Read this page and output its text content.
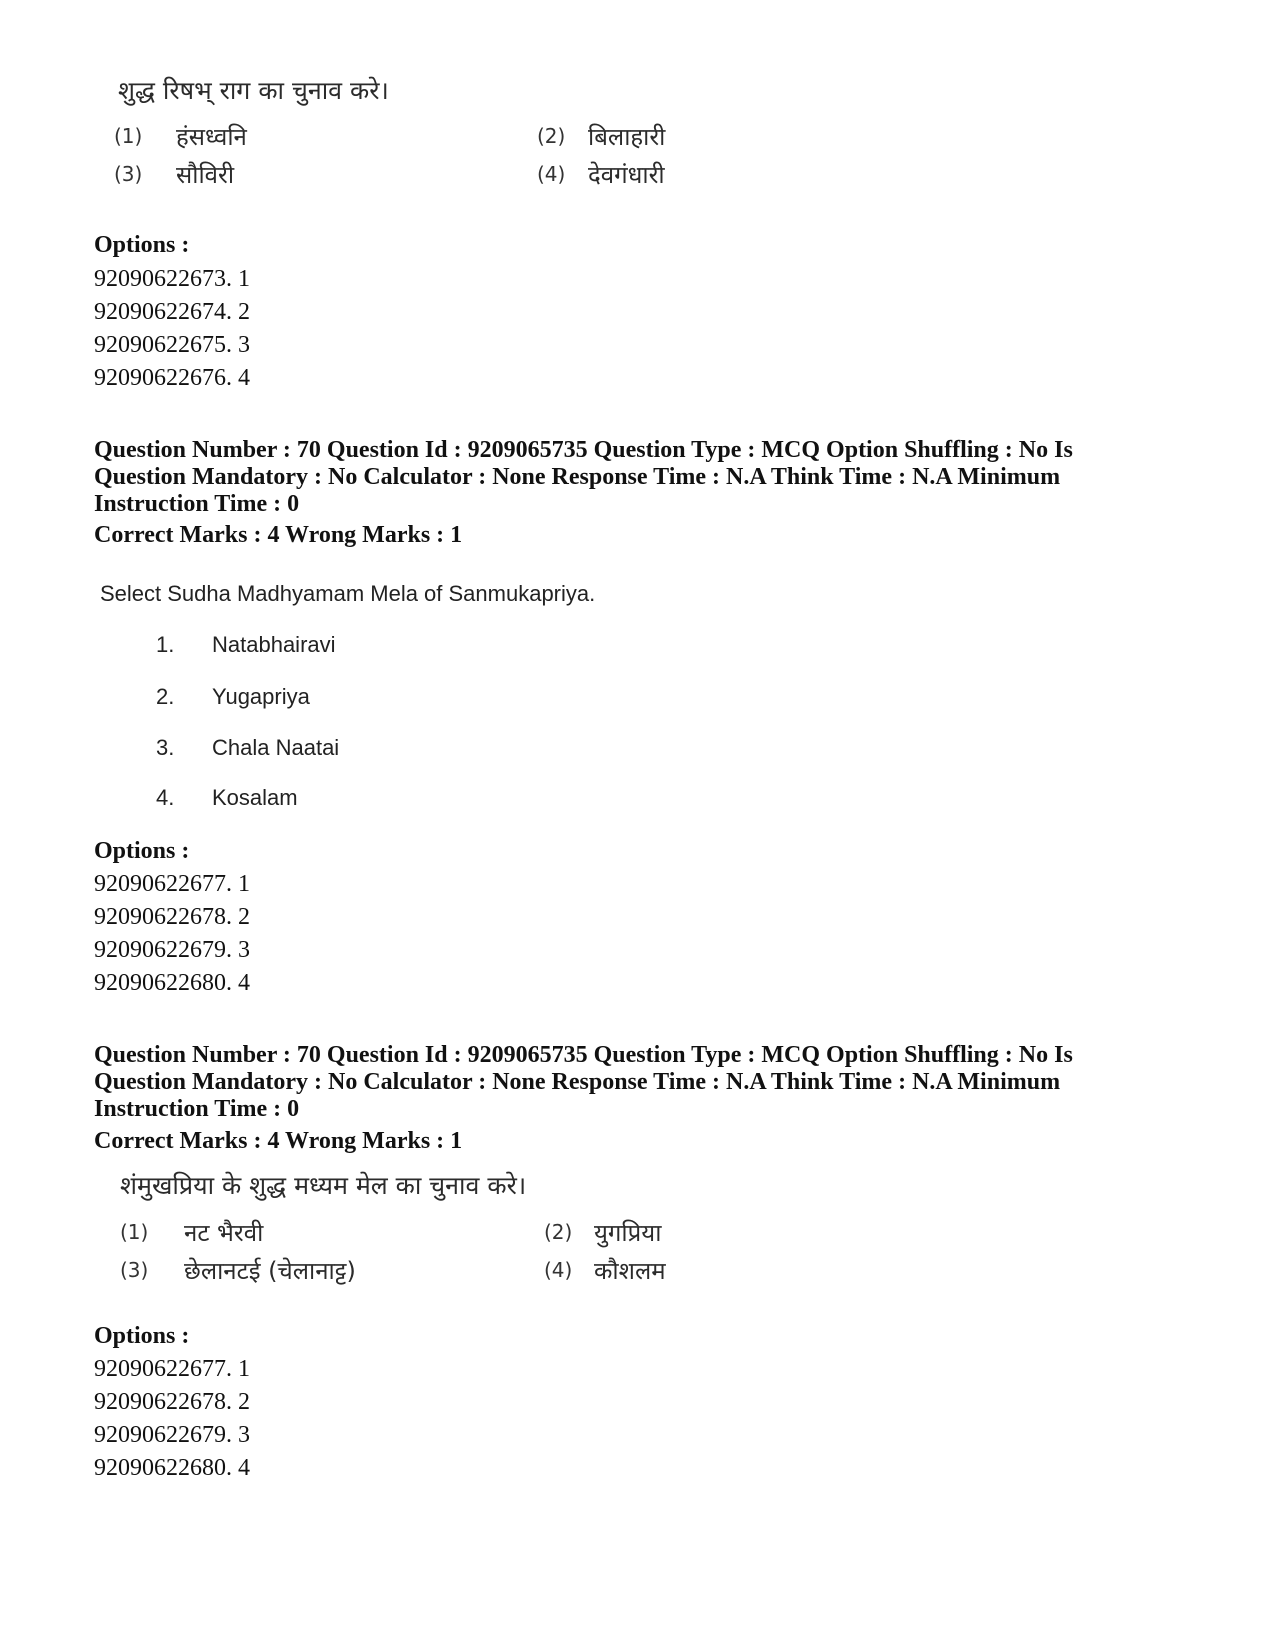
शुद्ध रिषभ् राग का चुनाव करे।
(1) हंसध्वनि	(2) बिलाहारी
(3) सौविरी	(4) देवगंधारी
Options :
92090622673. 1
92090622674. 2
92090622675. 3
92090622676. 4
Question Number : 70 Question Id : 9209065735 Question Type : MCQ Option Shuffling : No Is
Question Mandatory : No Calculator : None Response Time : N.A Think Time : N.A Minimum
Instruction Time : 0
Correct Marks : 4 Wrong Marks : 1
Select Sudha Madhyamam Mela of Sanmukapriya.
1. Natabhairavi
2. Yugapriya
3. Chala Naatai
4. Kosalam
Options :
92090622677. 1
92090622678. 2
92090622679. 3
92090622680. 4
Question Number : 70 Question Id : 9209065735 Question Type : MCQ Option Shuffling : No Is
Question Mandatory : No Calculator : None Response Time : N.A Think Time : N.A Minimum
Instruction Time : 0
Correct Marks : 4 Wrong Marks : 1
शंमुखप्रिया के शुद्ध मध्यम मेल का चुनाव करे।
(1) नट भैरवी	(2) युगप्रिया
(3) छेलानटई (चेलानाट्ट)	(4) कौशलम
Options :
92090622677. 1
92090622678. 2
92090622679. 3
92090622680. 4
